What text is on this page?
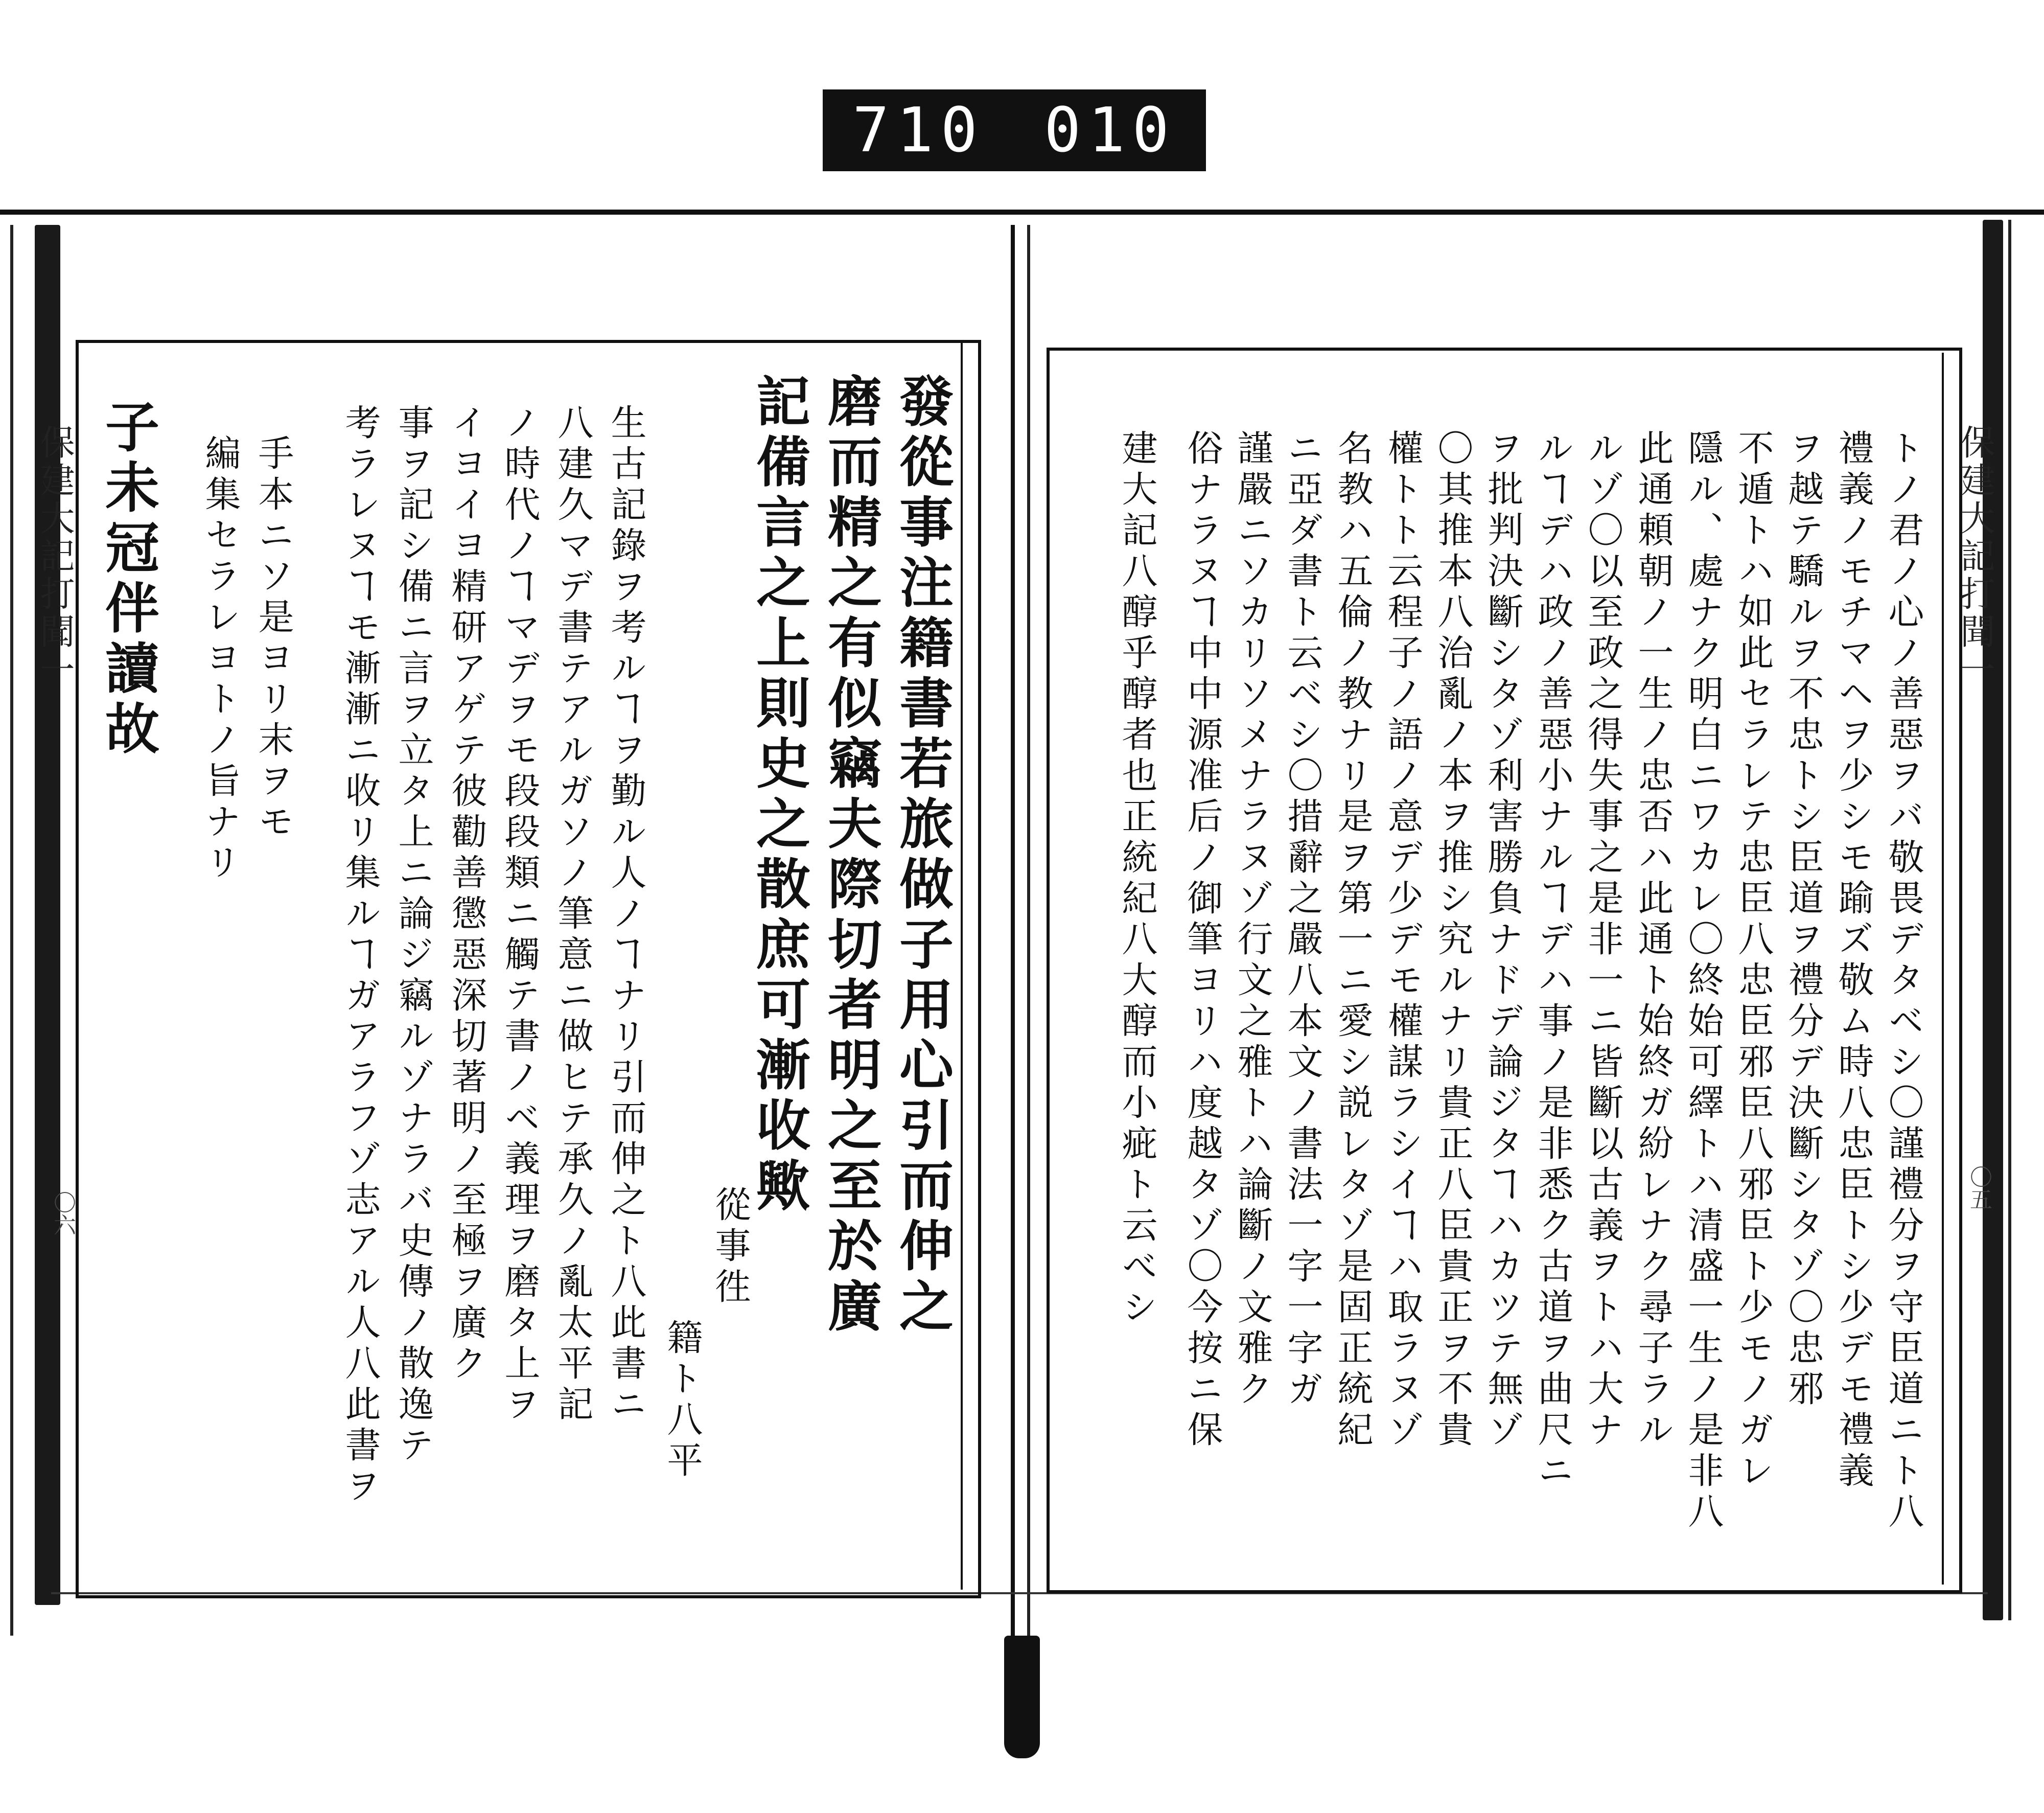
710 010
保建大記打聞一
〇六	發從事注籍書若旅做子用心引而伸之
磨而精之有似竊夫際切者明之至於廣
記備言之上則史之散庶可漸收歟
從事徃
籍ト八平
生古記錄ヲ考ルヿヲ勤ル人ノヿナリ引而伸之ト八此書ニ
八建久マデ書テアルガソノ筆意ニ做ヒテ承久ノ亂太平記
ノ時代ノヿマデヲモ段段類ニ觸テ書ノベ義理ヲ磨タ上ヲ
イヨイヨ精研アゲテ彼勸善懲惡深切著明ノ至極ヲ廣ク
事ヲ記シ備ニ言ヲ立タ上ニ論ジ竊ルゾナラバ史傳ノ散逸テ
考ラレヌヿモ漸漸ニ收リ集ルヿガアラフゾ志アル人八此書ヲ
手本ニソ是ヨリ末ヲモ
編集セラレヨトノ旨ナリ
子未冠伴讀故	保建大記打聞一
〇五
トノ君ノ心ノ善惡ヲバ敬畏デタベシ〇謹禮分ヲ守臣道ニト八
禮義ノモチマヘヲ少シモ踰ズ敬ム時八忠臣トシ少デモ禮義
ヲ越テ驕ルヲ不忠トシ臣道ヲ禮分デ決斷シタゾ〇忠邪
不遁トハ如此セラレテ忠臣八忠臣邪臣八邪臣ト少モノガレ
隱ル、處ナク明白ニワカレ〇終始可繹トハ清盛一生ノ是非八
此通頼朝ノ一生ノ忠否ハ此通ト始終ガ紛レナク尋子ラル
ルゾ〇以至政之得失事之是非一ニ皆斷以古義ヲトハ大ナ
ルヿデハ政ノ善惡小ナルヿデハ事ノ是非悉ク古道ヲ曲尺ニ
ヲ批判決斷シタゾ利害勝負ナドデ論ジタヿハカツテ無ゾ
〇其推本八治亂ノ本ヲ推シ究ルナリ貴正八臣貴正ヲ不貴
權トト云程子ノ語ノ意デ少デモ權謀ラシイヿハ取ラヌゾ
名教ハ五倫ノ教ナリ是ヲ第一ニ愛シ説レタゾ是固正統紀
ニ亞ダ書ト云ベシ〇措辭之嚴八本文ノ書法一字一字ガ
謹嚴ニソカリソメナラヌゾ行文之雅トハ論斷ノ文雅ク
俗ナラヌヿ中中源准后ノ御筆ヨリハ度越タゾ〇今按ニ保
建大記八醇乎醇者也正統紀八大醇而小疵ト云べシ
